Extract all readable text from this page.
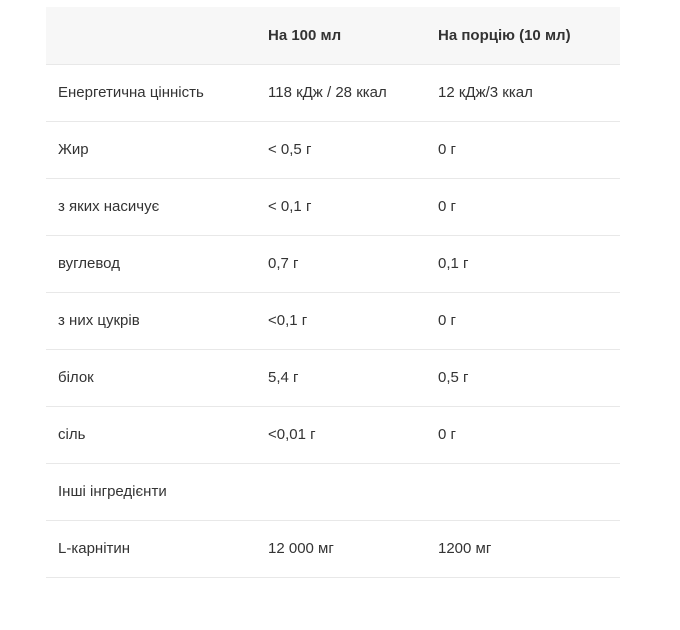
	На 100 мл	На порцію (10 мл)
Енергетична цінність	118 кДж / 28 ккал	12 кДж/3 ккал
Жир	< 0,5 г	0 г
з яких насичує	< 0,1 г	0 г
вуглевод	0,7 г	0,1 г
з них цукрів	<0,1 г	0 г
білок	5,4 г	0,5 г
сіль	<0,01 г	0 г
Інші інгредієнти		
L-карнітин	12 000 мг	1200 мг
